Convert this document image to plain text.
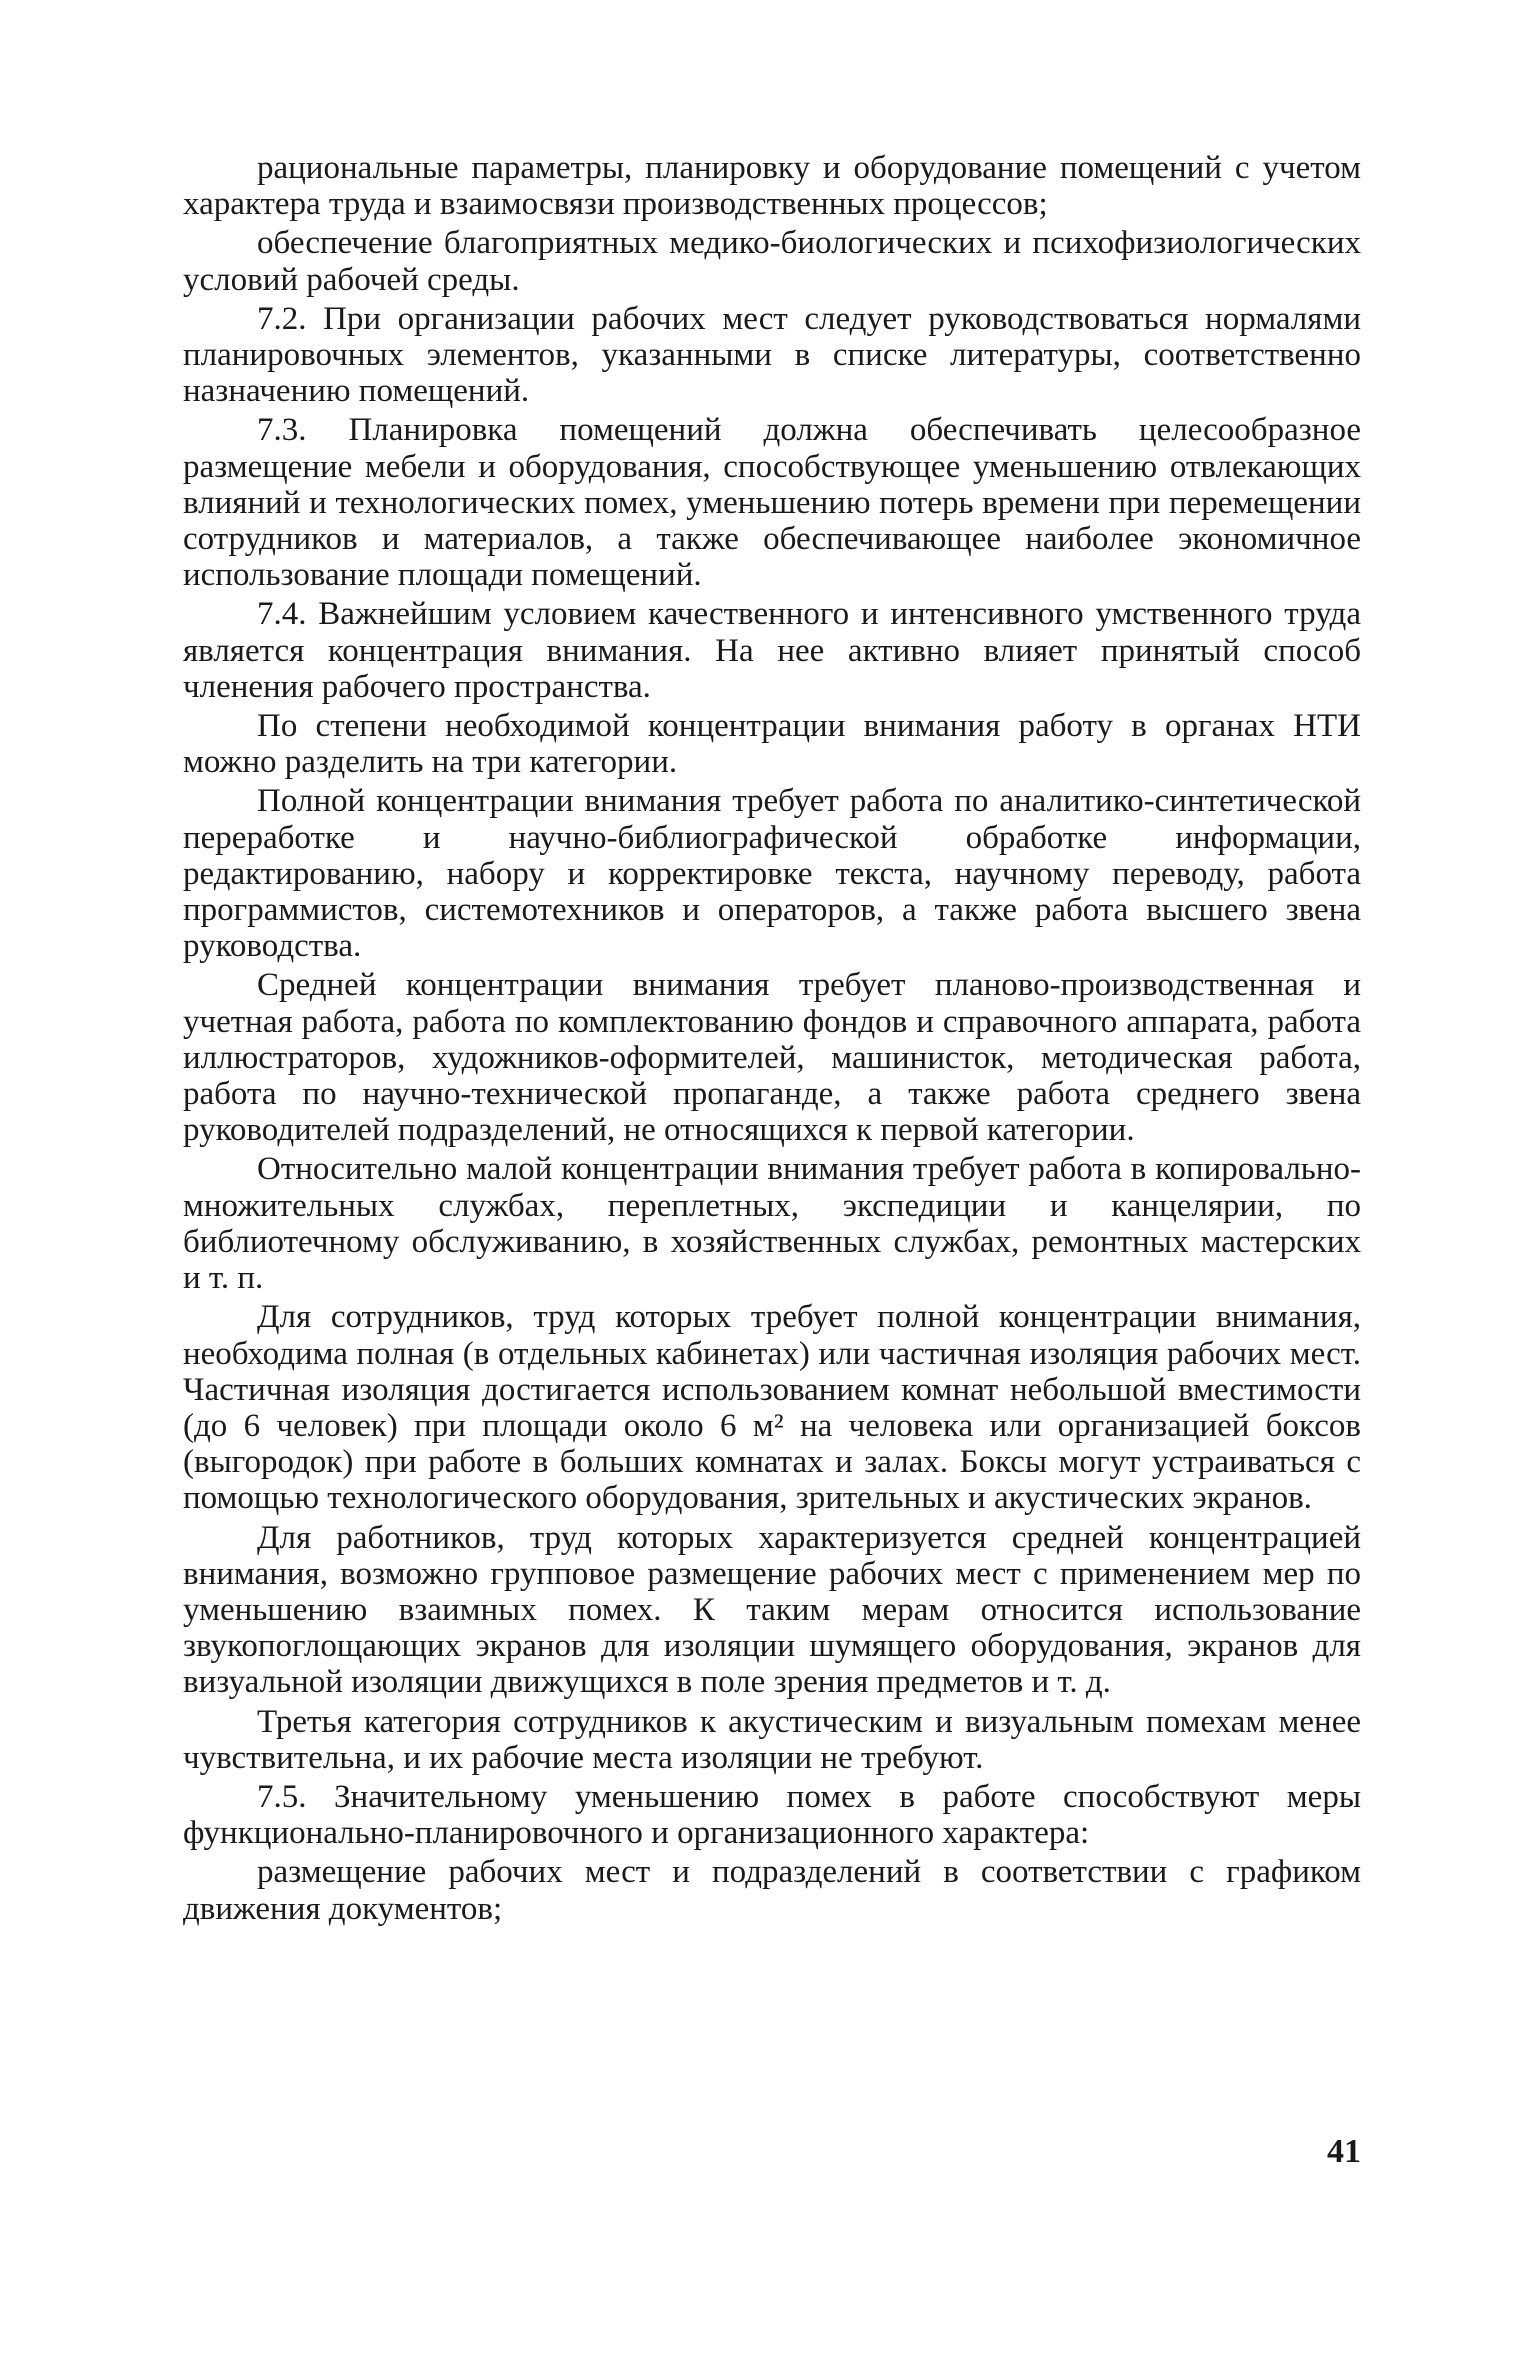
рациональные параметры, планировку и оборудование помещений с учетом характера труда и взаимосвязи производственных процессов;

обеспечение благоприятных медико-биологических и психофизиологических условий рабочей среды.

7.2. При организации рабочих мест следует руководствоваться нормалями планировочных элементов, указанными в списке литературы, соответственно назначению помещений.

7.3. Планировка помещений должна обеспечивать целесообразное размещение мебели и оборудования, способствующее уменьшению отвлекающих влияний и технологических помех, уменьшению потерь времени при перемещении сотрудников и материалов, а также обеспечивающее наиболее экономичное использование площади помещений.

7.4. Важнейшим условием качественного и интенсивного умственного труда является концентрация внимания. На нее активно влияет принятый способ членения рабочего пространства.

По степени необходимой концентрации внимания работу в органах НТИ можно разделить на три категории.

Полной концентрации внимания требует работа по аналитико-синтетической переработке и научно-библиографической обработке информации, редактированию, набору и корректировке текста, научному переводу, работа программистов, системотехников и операторов, а также работа высшего звена руководства.

Средней концентрации внимания требует планово-производственная и учетная работа, работа по комплектованию фондов и справочного аппарата, работа иллюстраторов, художников-оформителей, машинисток, методическая работа, работа по научно-технической пропаганде, а также работа среднего звена руководителей подразделений, не относящихся к первой категории.

Относительно малой концентрации внимания требует работа в копировально-множительных службах, переплетных, экспедиции и канцелярии, по библиотечному обслуживанию, в хозяйственных службах, ремонтных мастерских и т. п.

Для сотрудников, труд которых требует полной концентрации внимания, необходима полная (в отдельных кабинетах) или частичная изоляция рабочих мест. Частичная изоляция достигается использованием комнат небольшой вместимости (до 6 человек) при площади около 6 м² на человека или организацией боксов (выгородок) при работе в больших комнатах и залах. Боксы могут устраиваться с помощью технологического оборудования, зрительных и акустических экранов.

Для работников, труд которых характеризуется средней концентрацией внимания, возможно групповое размещение рабочих мест с применением мер по уменьшению взаимных помех. К таким мерам относится использование звукопоглощающих экранов для изоляции шумящего оборудования, экранов для визуальной изоляции движущихся в поле зрения предметов и т. д.

Третья категория сотрудников к акустическим и визуальным помехам менее чувствительна, и их рабочие места изоляции не требуют.

7.5. Значительному уменьшению помех в работе способствуют меры функционально-планировочного и организационного характера:

размещение рабочих мест и подразделений в соответствии с графиком движения документов;

41
